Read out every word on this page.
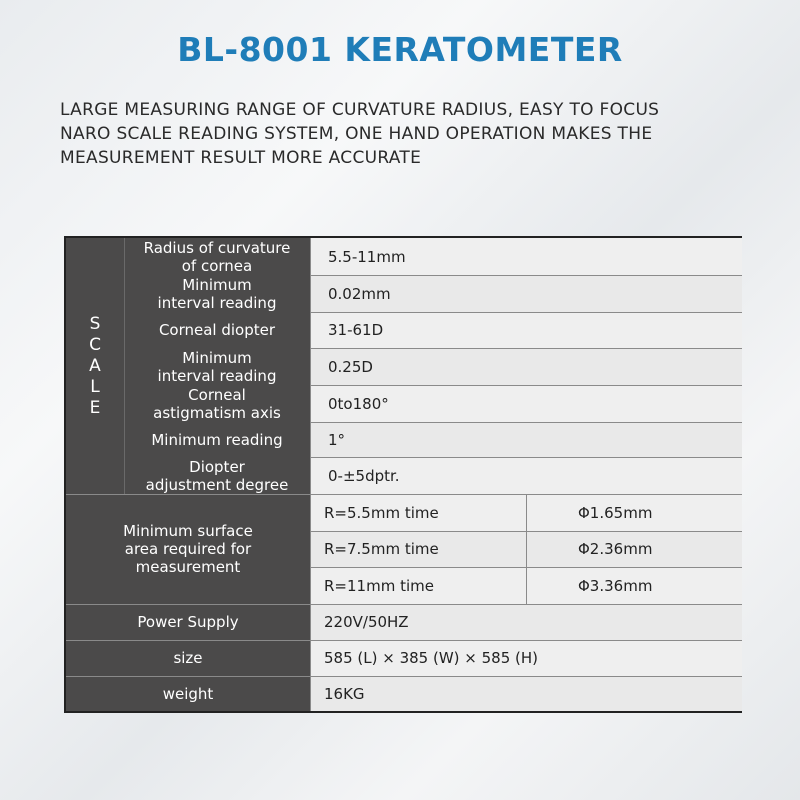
BL-8001 KERATOMETER
LARGE MEASURING RANGE OF CURVATURE RADIUS, EASY TO FOCUS
NARO SCALE READING SYSTEM, ONE HAND OPERATION MAKES THE
MEASUREMENT RESULT MORE ACCURATE
SCALE
Radius of curvature
of cornea	5.5-11mm
Minimum
interval reading	0.02mm
Corneal diopter	31-61D
Minimum
interval reading	0.25D
Corneal
astigmatism axis	0to180°
Minimum reading	1°
Diopter
adjustment degree	0-±5dptr.
Minimum surface
area required for
measurement
R=5.5mm time	Φ1.65mm
R=7.5mm time	Φ2.36mm
R=11mm time	Φ3.36mm
Power Supply	220V/50HZ
size	585 (L) × 385 (W) × 585 (H)
weight	16KG
